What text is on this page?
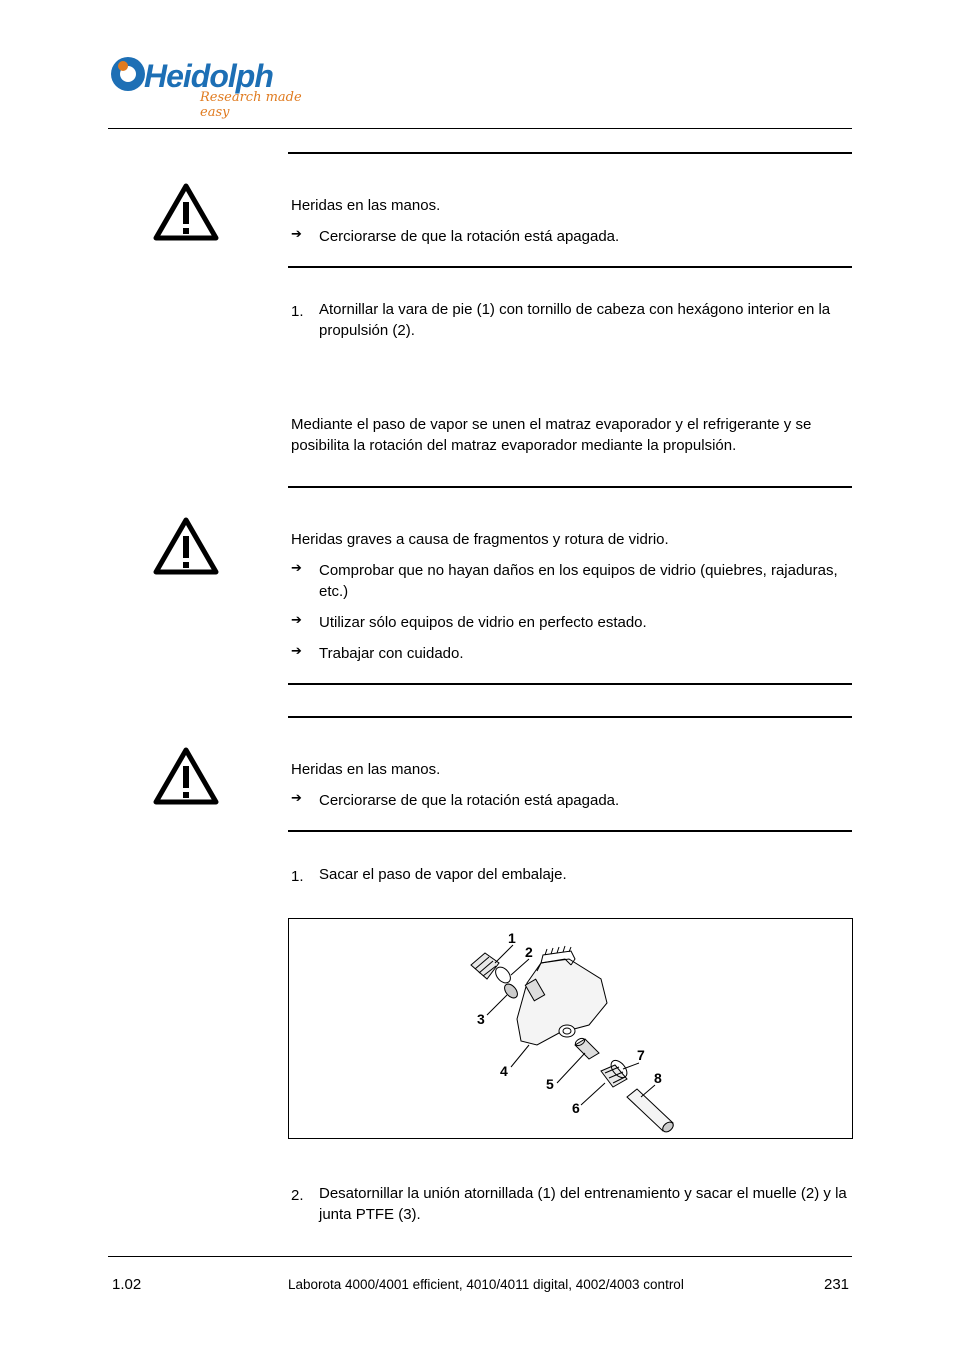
Heidolph
Research made easy
Heridas en las manos.
➔ Cerciorarse de que la rotación está apagada.
1. Atornillar la vara de pie (1) con tornillo de cabeza con hexágono interior en la propulsión (2).
Mediante el paso de vapor se unen el matraz evaporador y el refrigerante y se posibilita la rotación del matraz evaporador mediante la propulsión.
Heridas graves a causa de fragmentos y rotura de vidrio.
➔ Comprobar que no hayan daños en los equipos de vidrio (quiebres, rajaduras, etc.)
➔ Utilizar sólo equipos de vidrio en perfecto estado.
➔ Trabajar con cuidado.
Heridas en las manos.
➔ Cerciorarse de que la rotación está apagada.
1. Sacar el paso de vapor del embalaje.
1
2
3
4
5
6
7
8
2. Desatornillar la unión atornillada (1) del entrenamiento y sacar el muelle (2) y la junta PTFE (3).
1.02	Laborota 4000/4001 efficient, 4010/4011 digital, 4002/4003 control	231
